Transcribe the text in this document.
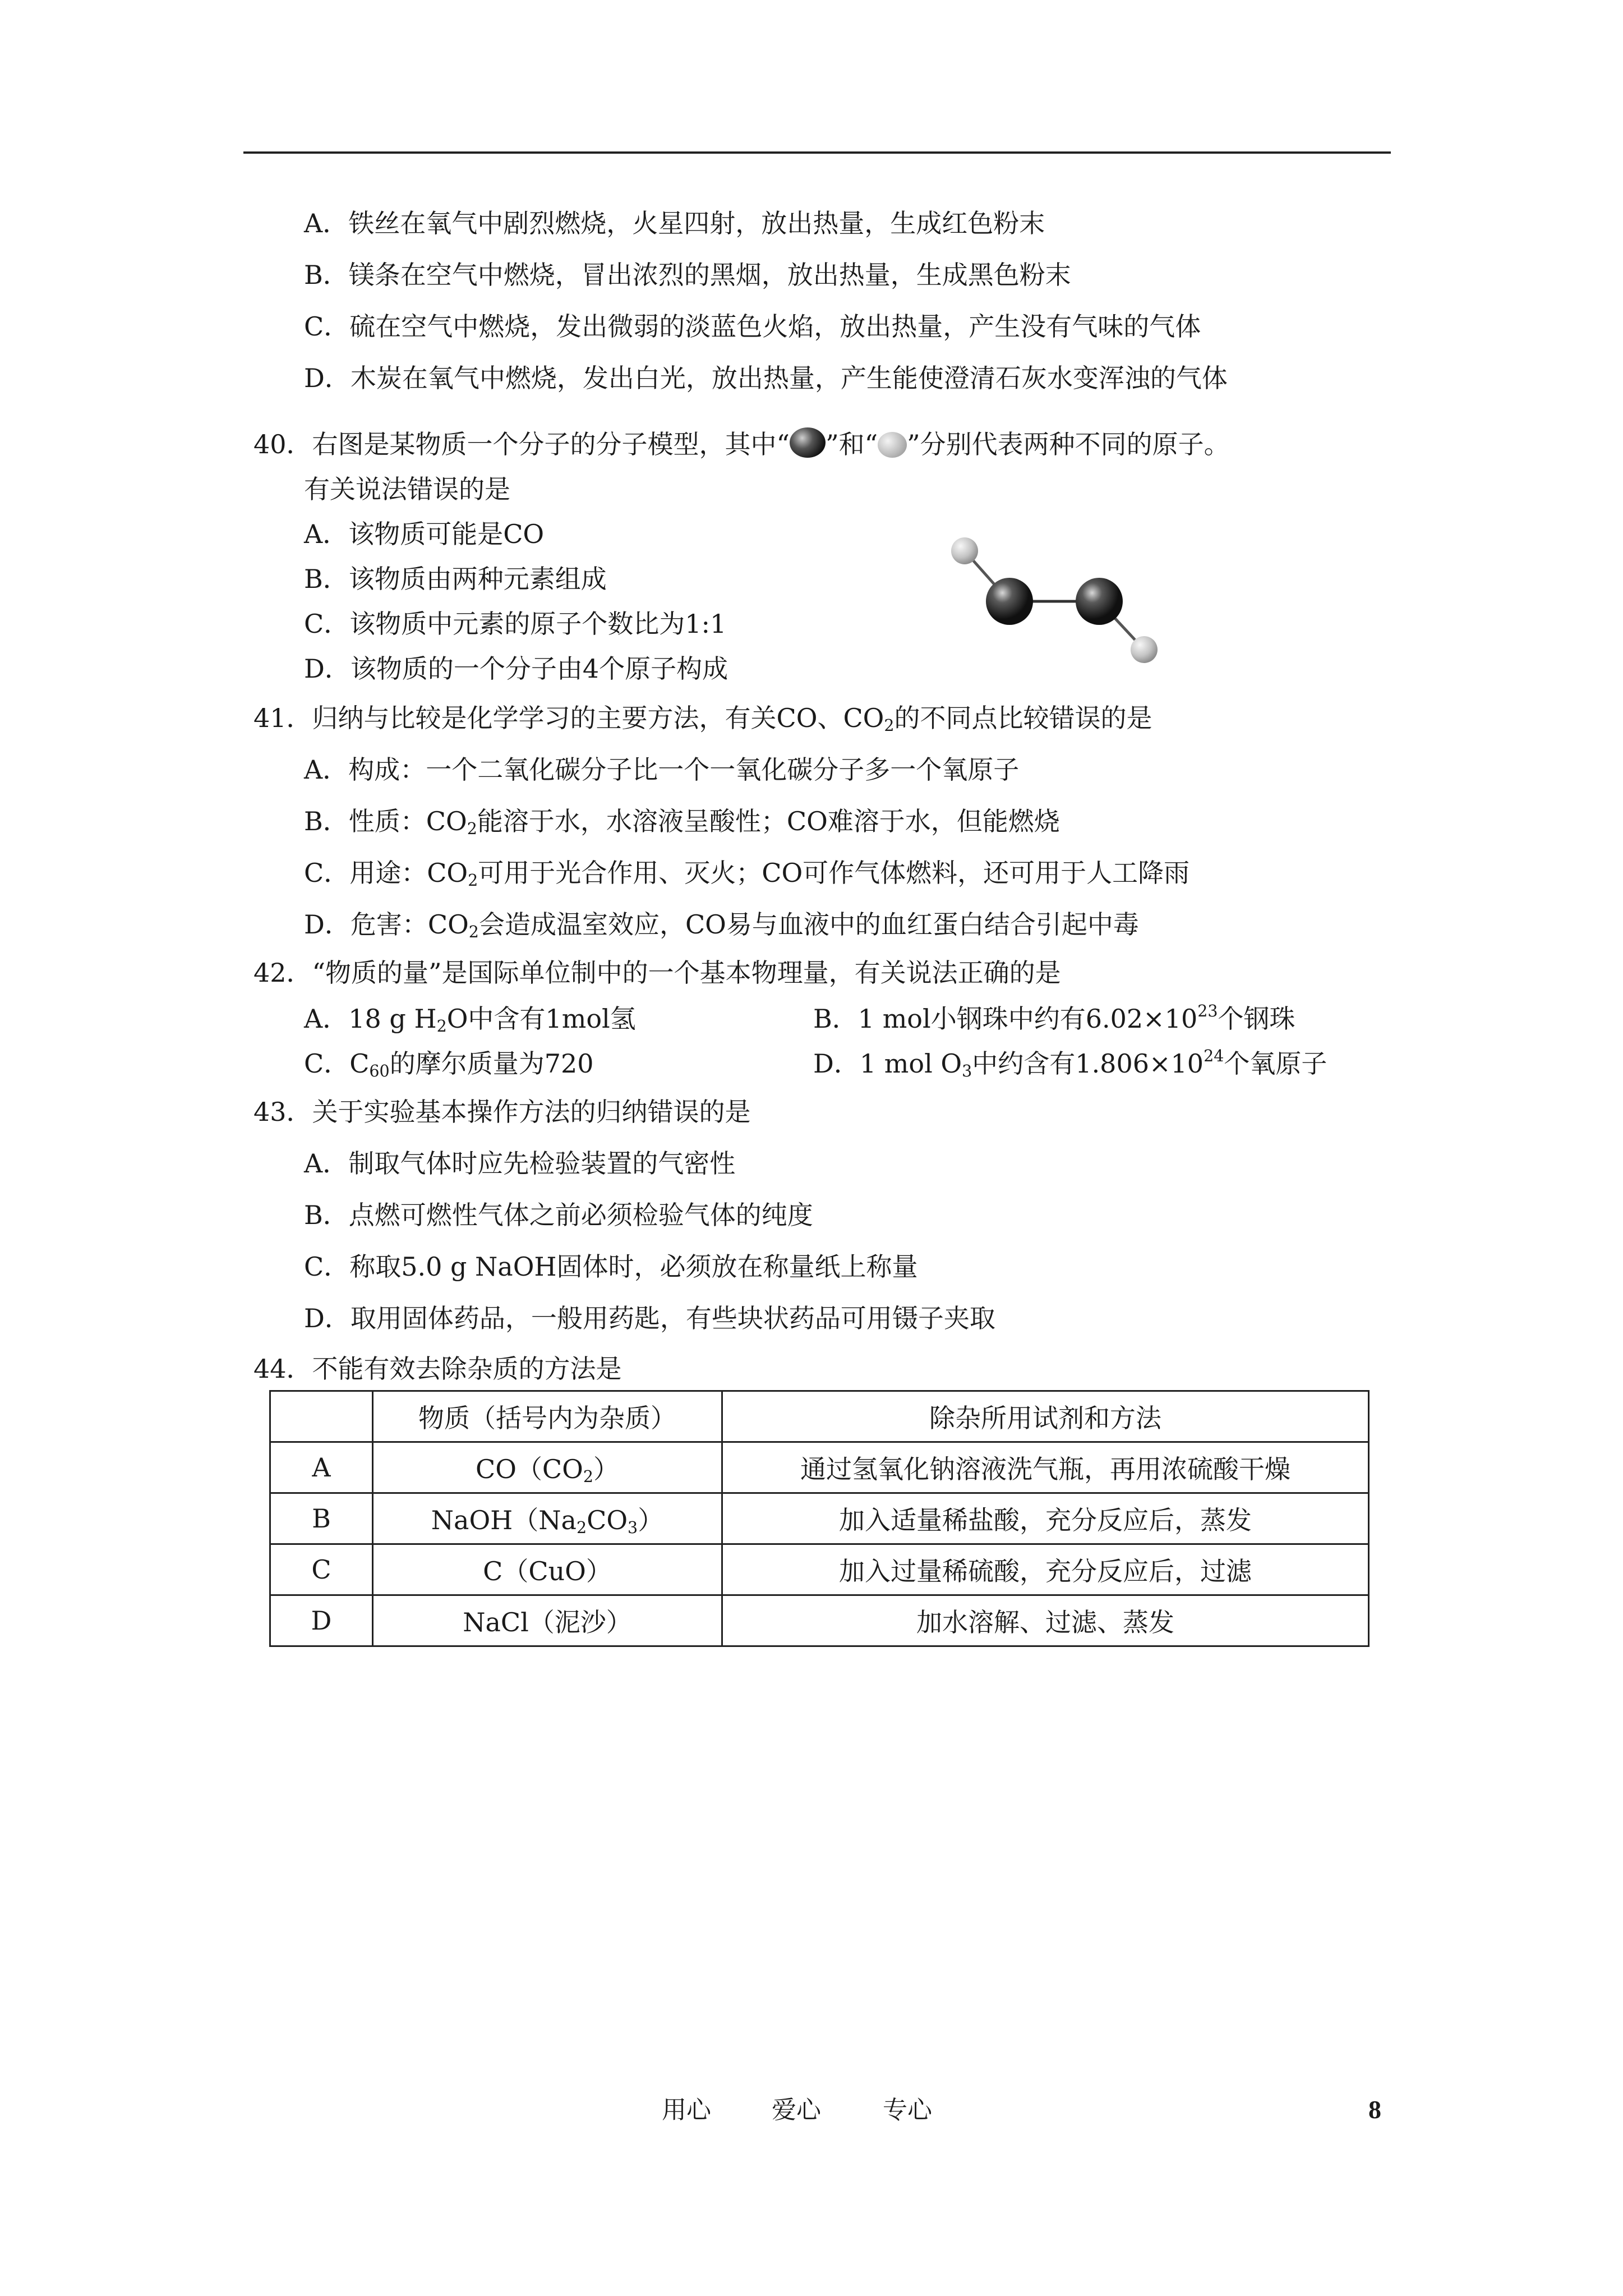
A．铁丝在氧气中剧烈燃烧，火星四射，放出热量，生成红色粉末
B．镁条在空气中燃烧，冒出浓烈的黑烟，放出热量，生成黑色粉末
C．硫在空气中燃烧，发出微弱的淡蓝色火焰，放出热量，产生没有气味的气体
D．木炭在氧气中燃烧，发出白光，放出热量，产生能使澄清石灰水变浑浊的气体
40．右图是某物质一个分子的分子模型，其中“ ”和“ ”分别代表两种不同的原子。
有关说法错误的是
A．该物质可能是CO
B．该物质由两种元素组成
C．该物质中元素的原子个数比为1:1
D．该物质的一个分子由4个原子构成
41．归纳与比较是化学学习的主要方法，有关CO、$CO_2$的不同点比较错误的是
A．构成：一个二氧化碳分子比一个一氧化碳分子多一个氧原子
B．性质：$CO_2$能溶于水，水溶液呈酸性；CO难溶于水，但能燃烧
C．用途：$CO_2$可用于光合作用、灭火；CO可作气体燃料，还可用于人工降雨
D．危害：$CO_2$会造成温室效应，CO易与血液中的血红蛋白结合引起中毒
42．“物质的量”是国际单位制中的一个基本物理量，有关说法正确的是
A．18 g $H_2O$中含有1mol氢	B．1 mol小钢珠中约有$6.02\times 10^{23}$个钢珠
C．$C_{60}$的摩尔质量为720	D．1 mol $O_3$中约含有$1.806\times 10^{24}$个氧原子
43．关于实验基本操作方法的归纳错误的是
A．制取气体时应先检验装置的气密性
B．点燃可燃性气体之前必须检验气体的纯度
C．称取5.0 g NaOH固体时，必须放在称量纸上称量
D．取用固体药品，一般用药匙，有些块状药品可用镊子夹取
44．不能有效去除杂质的方法是
	物质（括号内为杂质）	除杂所用试剂和方法
A	$CO(CO_2)$	通过氢氧化钠溶液洗气瓶，再用浓硫酸干燥
B	$NaOH(Na_2CO_3)$	加入适量稀盐酸，充分反应后，蒸发
C	C（CuO）	加入过量稀硫酸，充分反应后，过滤
D	NaCl（泥沙）	加水溶解、过滤、蒸发
用心 爱心	专心	8
